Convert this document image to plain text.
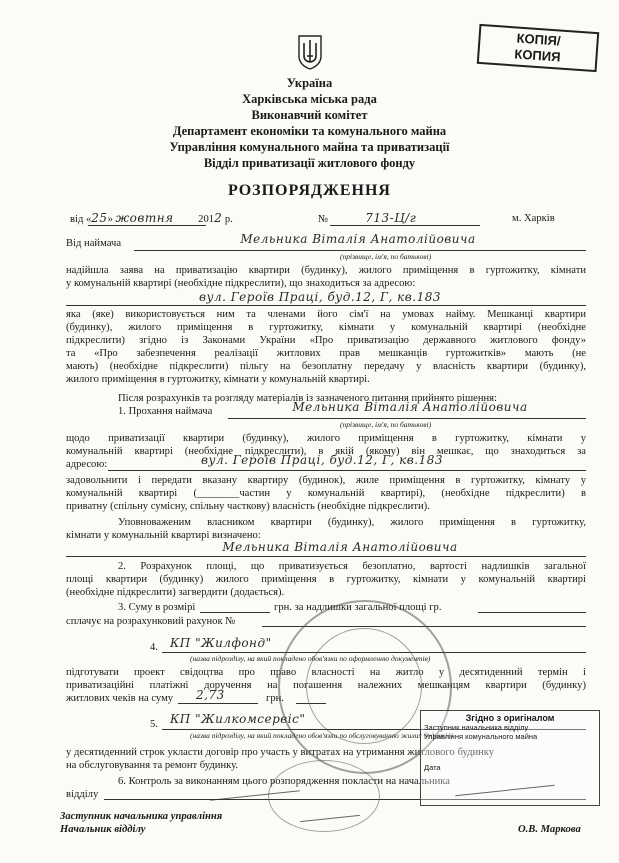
КОПІЯ/
КОПИЯ
Україна
Харківська міська рада
Виконавчий комітет
Департамент економіки та комунального майна
Управління комунального майна та приватизації
Відділ приватизації житлового фонду
РОЗПОРЯДЖЕННЯ
від «25» жовтня 2012 р.	№	713-Ц/г	м. Харків
Від наймача	Мельника Віталія Анатолійовича
(прізвище, ім'я, по батькові)
надійшла заява на приватизацію квартири (будинку), жилого приміщення в гуртожитку, кімнати
у комунальній квартирі (необхідне підкреслити), що знаходиться за адресою:
вул. Героїв Праці, буд.12, Г, кв.183
яка (яке) використовується ним та членами його сім'ї на умовах найму. Мешканці квартири
(будинку), жилого приміщення в гуртожитку, кімнати у комунальній квартирі (необхідне
підкреслити) згідно із Законами України «Про приватизацію державного житлового фонду»
та «Про забезпечення реалізації житлових прав мешканців гуртожитків» мають (не
мають) (необхідне підкреслити) пільгу на безоплатну передачу у власність квартири (будинку),
жилого приміщення в гуртожитку, кімнати у комунальній квартирі.
Після розрахунків та розгляду матеріалів із зазначеного питання прийнято рішення:
1. Прохання наймача	Мельника Віталія Анатолійовича
(прізвище, ім'я, по батькові)
щодо приватизації квартири (будинку), жилого приміщення в гуртожитку, кімнати у
комунальній квартирі (необхідне підкреслити), в якій (якому) він мешкає, що знаходиться за
адресою:	вул. Героїв Праці, буд.12, Г, кв.183
задовольнити і передати вказану квартиру (будинок), жиле приміщення в гуртожитку, кімнату у
комунальній квартирі (________частин у комунальній квартирі), (необхідне підкреслити) в
приватну (спільну сумісну, спільну часткову) власність (необхідне підкреслити).
Уповноваженим власником квартири (будинку), жилого приміщення в гуртожитку,
кімнати у комунальній квартирі визначено:
Мельника Віталія Анатолійовича
2. Розрахунок площі, що приватизується безоплатно, вартості надлишків загальної
площі квартири (будинку) жилого приміщення в гуртожитку, кімнати у комунальній квартирі
(необхідне підкреслити) загвердити (додається).
3. Суму в розмірі	грн. за надлишки загальної площі гр.
сплачує на розрахунковий рахунок №
4. КП "Жилфонд"
(назва підрозділу, на який покладено обов'язки по оформленню документів)
підготувати проект свідоцтва про право власності на житло у десятиденний термін і
приватизаційні платіжні доручення на погашення належних мешканцям квартири (будинку)
житлових чеків на суму 2,73	грн.
5. КП "Жилкомсервіс"
(назва підрозділу, на який покладено обов'язки по обслуговуванню жилих будинків)
у десятиденний строк укласти договір про участь у витратах на утримання житлового будинку
на обслуговування та ремонт будинку.
6. Контроль за виконанням цього розпорядження покласти на начальника
відділу
Заступник начальника управління
Начальник відділу	О.В. Маркова
Згідно з оригіналом
Заступник начальника відділу
Управління комунального майна
Дата
